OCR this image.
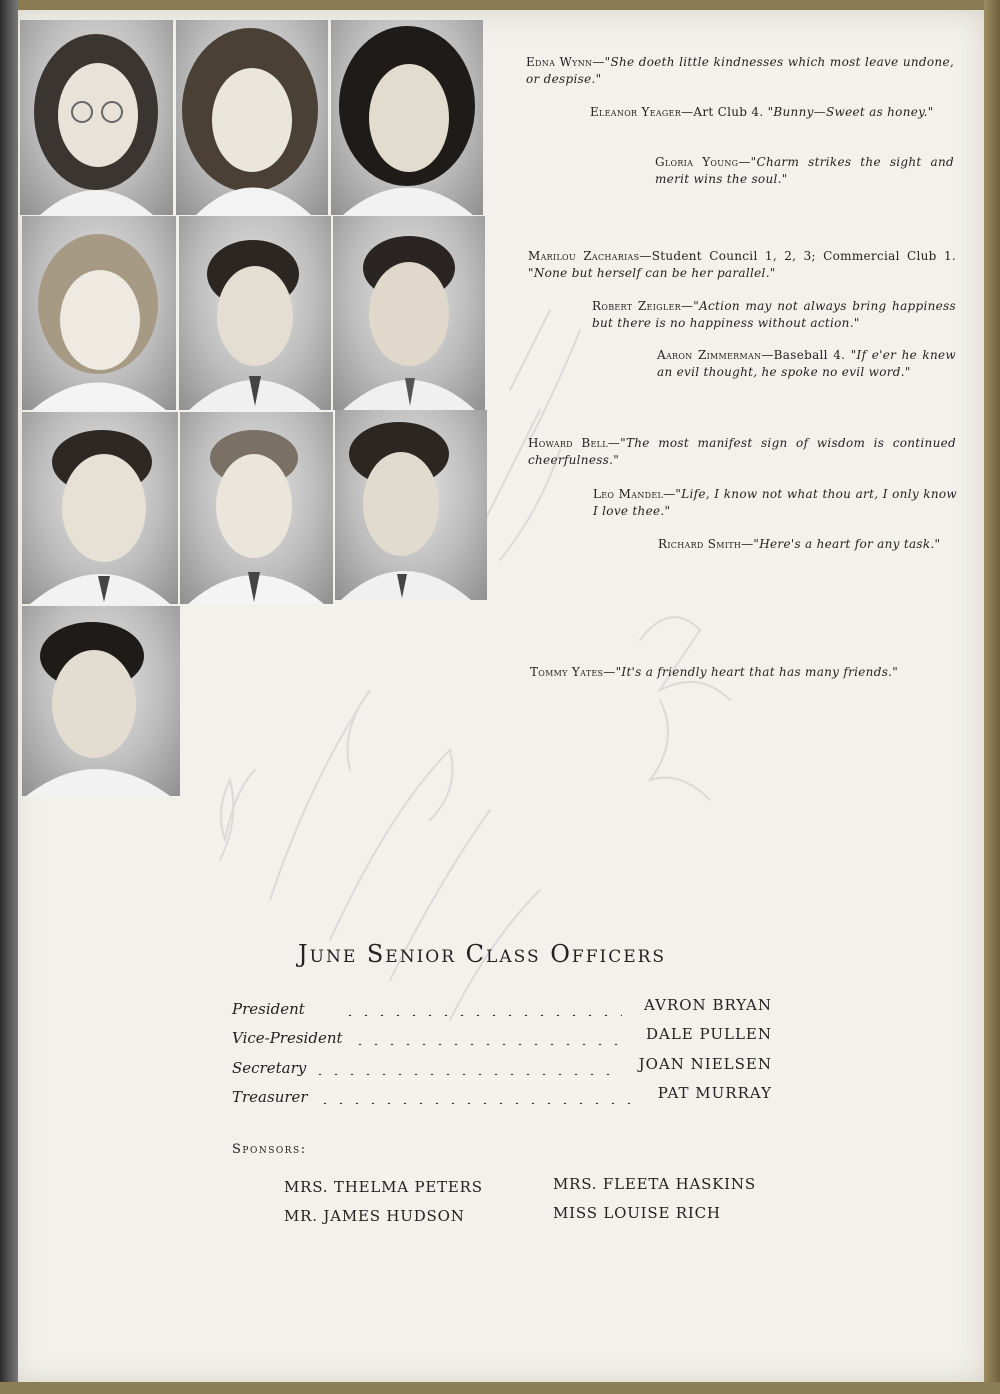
Edna Wynn—"She doeth little kindnesses which most leave undone, or despise."
Eleanor Yeager—Art Club 4. "Bunny—Sweet as honey."
Gloria Young—"Charm strikes the sight and merit wins the soul."
Marilou Zacharias—Student Council 1, 2, 3; Commercial Club 1. "None but herself can be her parallel."
Robert Zeigler—"Action may not always bring happiness but there is no happiness without action."
Aaron Zimmerman—Baseball 4. "If e'er he knew an evil thought, he spoke no evil word."
Howard Bell—"The most manifest sign of wisdom is continued cheerfulness."
Leo Mandel—"Life, I know not what thou art, I only know I love thee."
Richard Smith—"Here's a heart for any task."
Tommy Yates—"It's a friendly heart that has many friends."
June Senior Class Officers
President	AVRON BRYAN
Vice-President	DALE PULLEN
Secretary	JOAN NIELSEN
Treasurer	PAT MURRAY
Sponsors:
MRS. THELMA PETERS
MR. JAMES HUDSON
MRS. FLEETA HASKINS
MISS LOUISE RICH
